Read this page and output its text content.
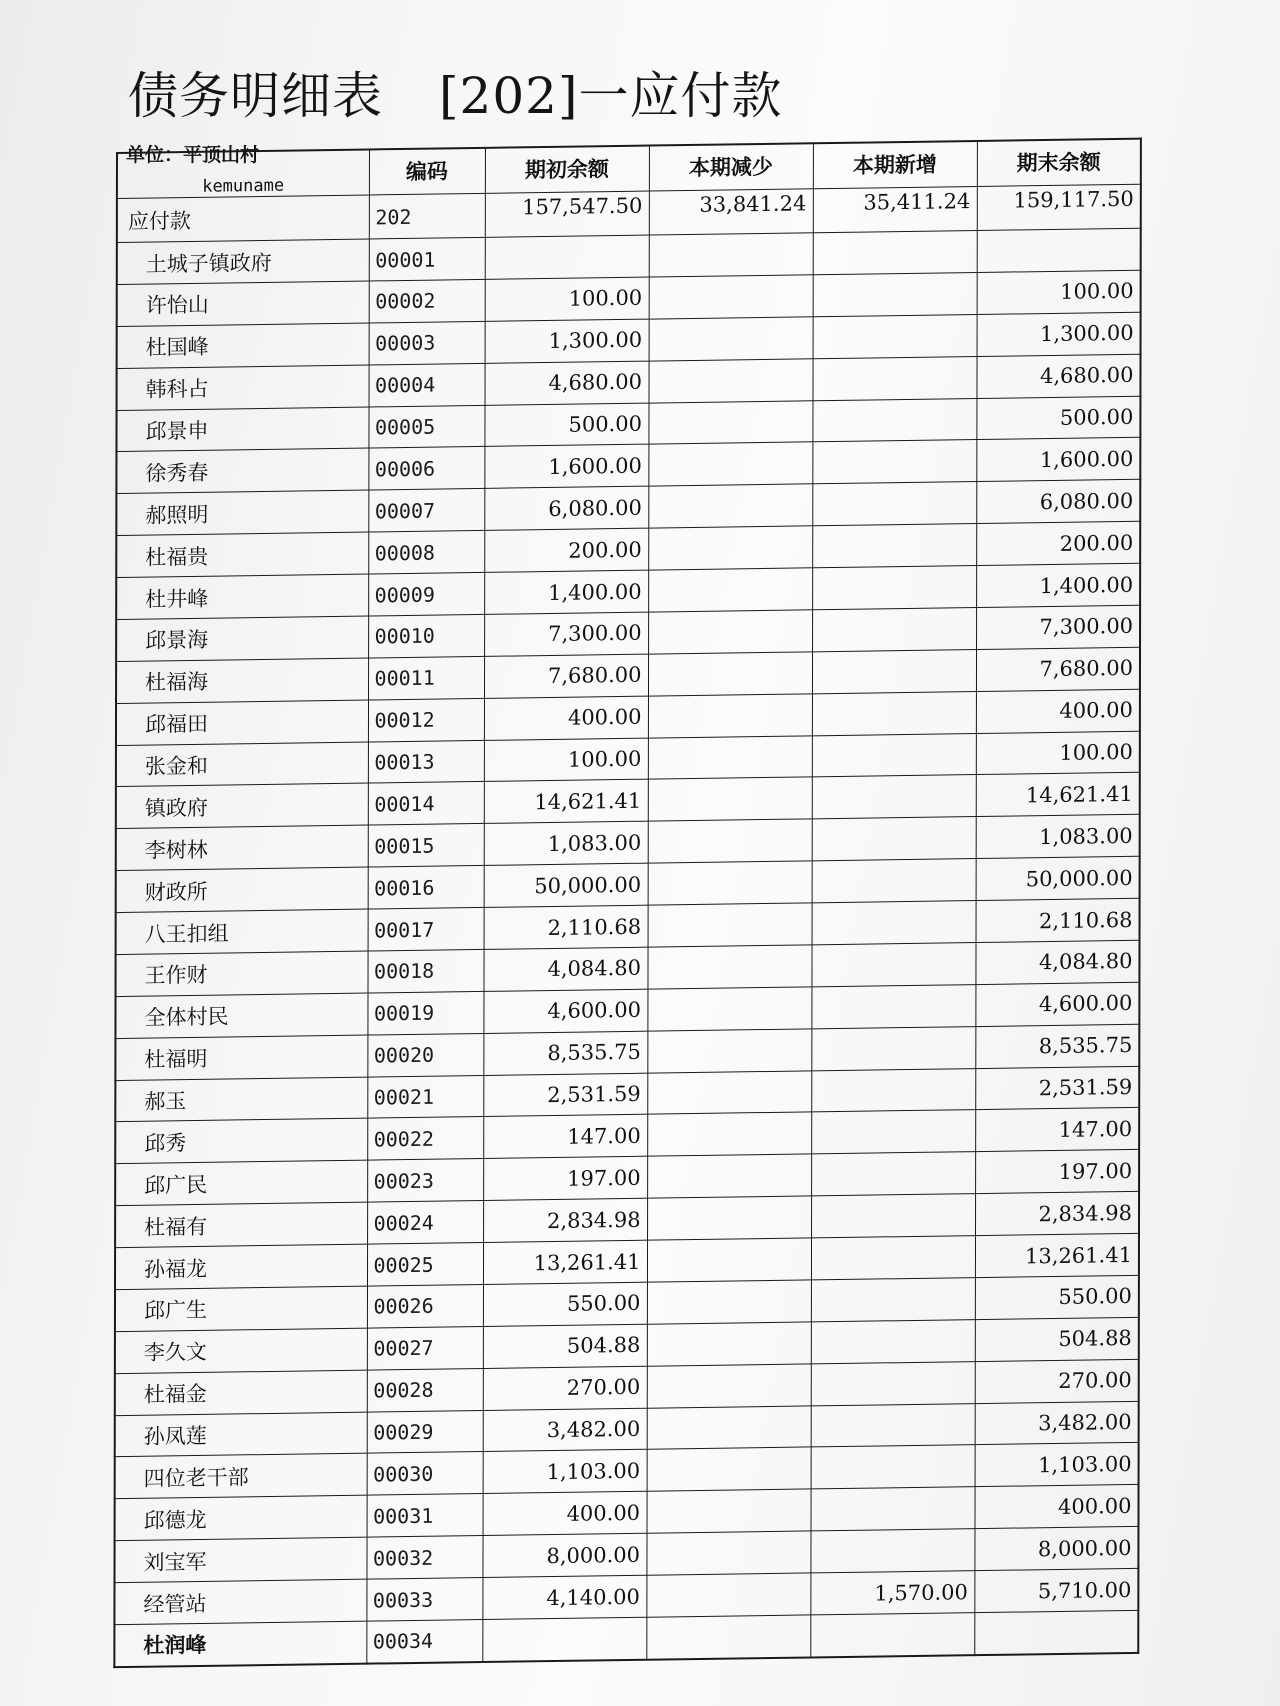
债务明细表 [202]一应付款
单位：平顶山村
kemuname	编码	期初余额	本期减少	本期新增	期末余额
应付款	202	157,547.50	33,841.24	35,411.24	159,117.50
土城子镇政府	00001				
许怡山	00002	100.00			100.00
杜国峰	00003	1,300.00			1,300.00
韩科占	00004	4,680.00			4,680.00
邱景申	00005	500.00			500.00
徐秀春	00006	1,600.00			1,600.00
郝照明	00007	6,080.00			6,080.00
杜福贵	00008	200.00			200.00
杜井峰	00009	1,400.00			1,400.00
邱景海	00010	7,300.00			7,300.00
杜福海	00011	7,680.00			7,680.00
邱福田	00012	400.00			400.00
张金和	00013	100.00			100.00
镇政府	00014	14,621.41			14,621.41
李树林	00015	1,083.00			1,083.00
财政所	00016	50,000.00			50,000.00
八王扣组	00017	2,110.68			2,110.68
王作财	00018	4,084.80			4,084.80
全体村民	00019	4,600.00			4,600.00
杜福明	00020	8,535.75			8,535.75
郝玉	00021	2,531.59			2,531.59
邱秀	00022	147.00			147.00
邱广民	00023	197.00			197.00
杜福有	00024	2,834.98			2,834.98
孙福龙	00025	13,261.41			13,261.41
邱广生	00026	550.00			550.00
李久文	00027	504.88			504.88
杜福金	00028	270.00			270.00
孙凤莲	00029	3,482.00			3,482.00
四位老干部	00030	1,103.00			1,103.00
邱德龙	00031	400.00			400.00
刘宝军	00032	8,000.00			8,000.00
经管站	00033	4,140.00		1,570.00	5,710.00
杜润峰	00034				
